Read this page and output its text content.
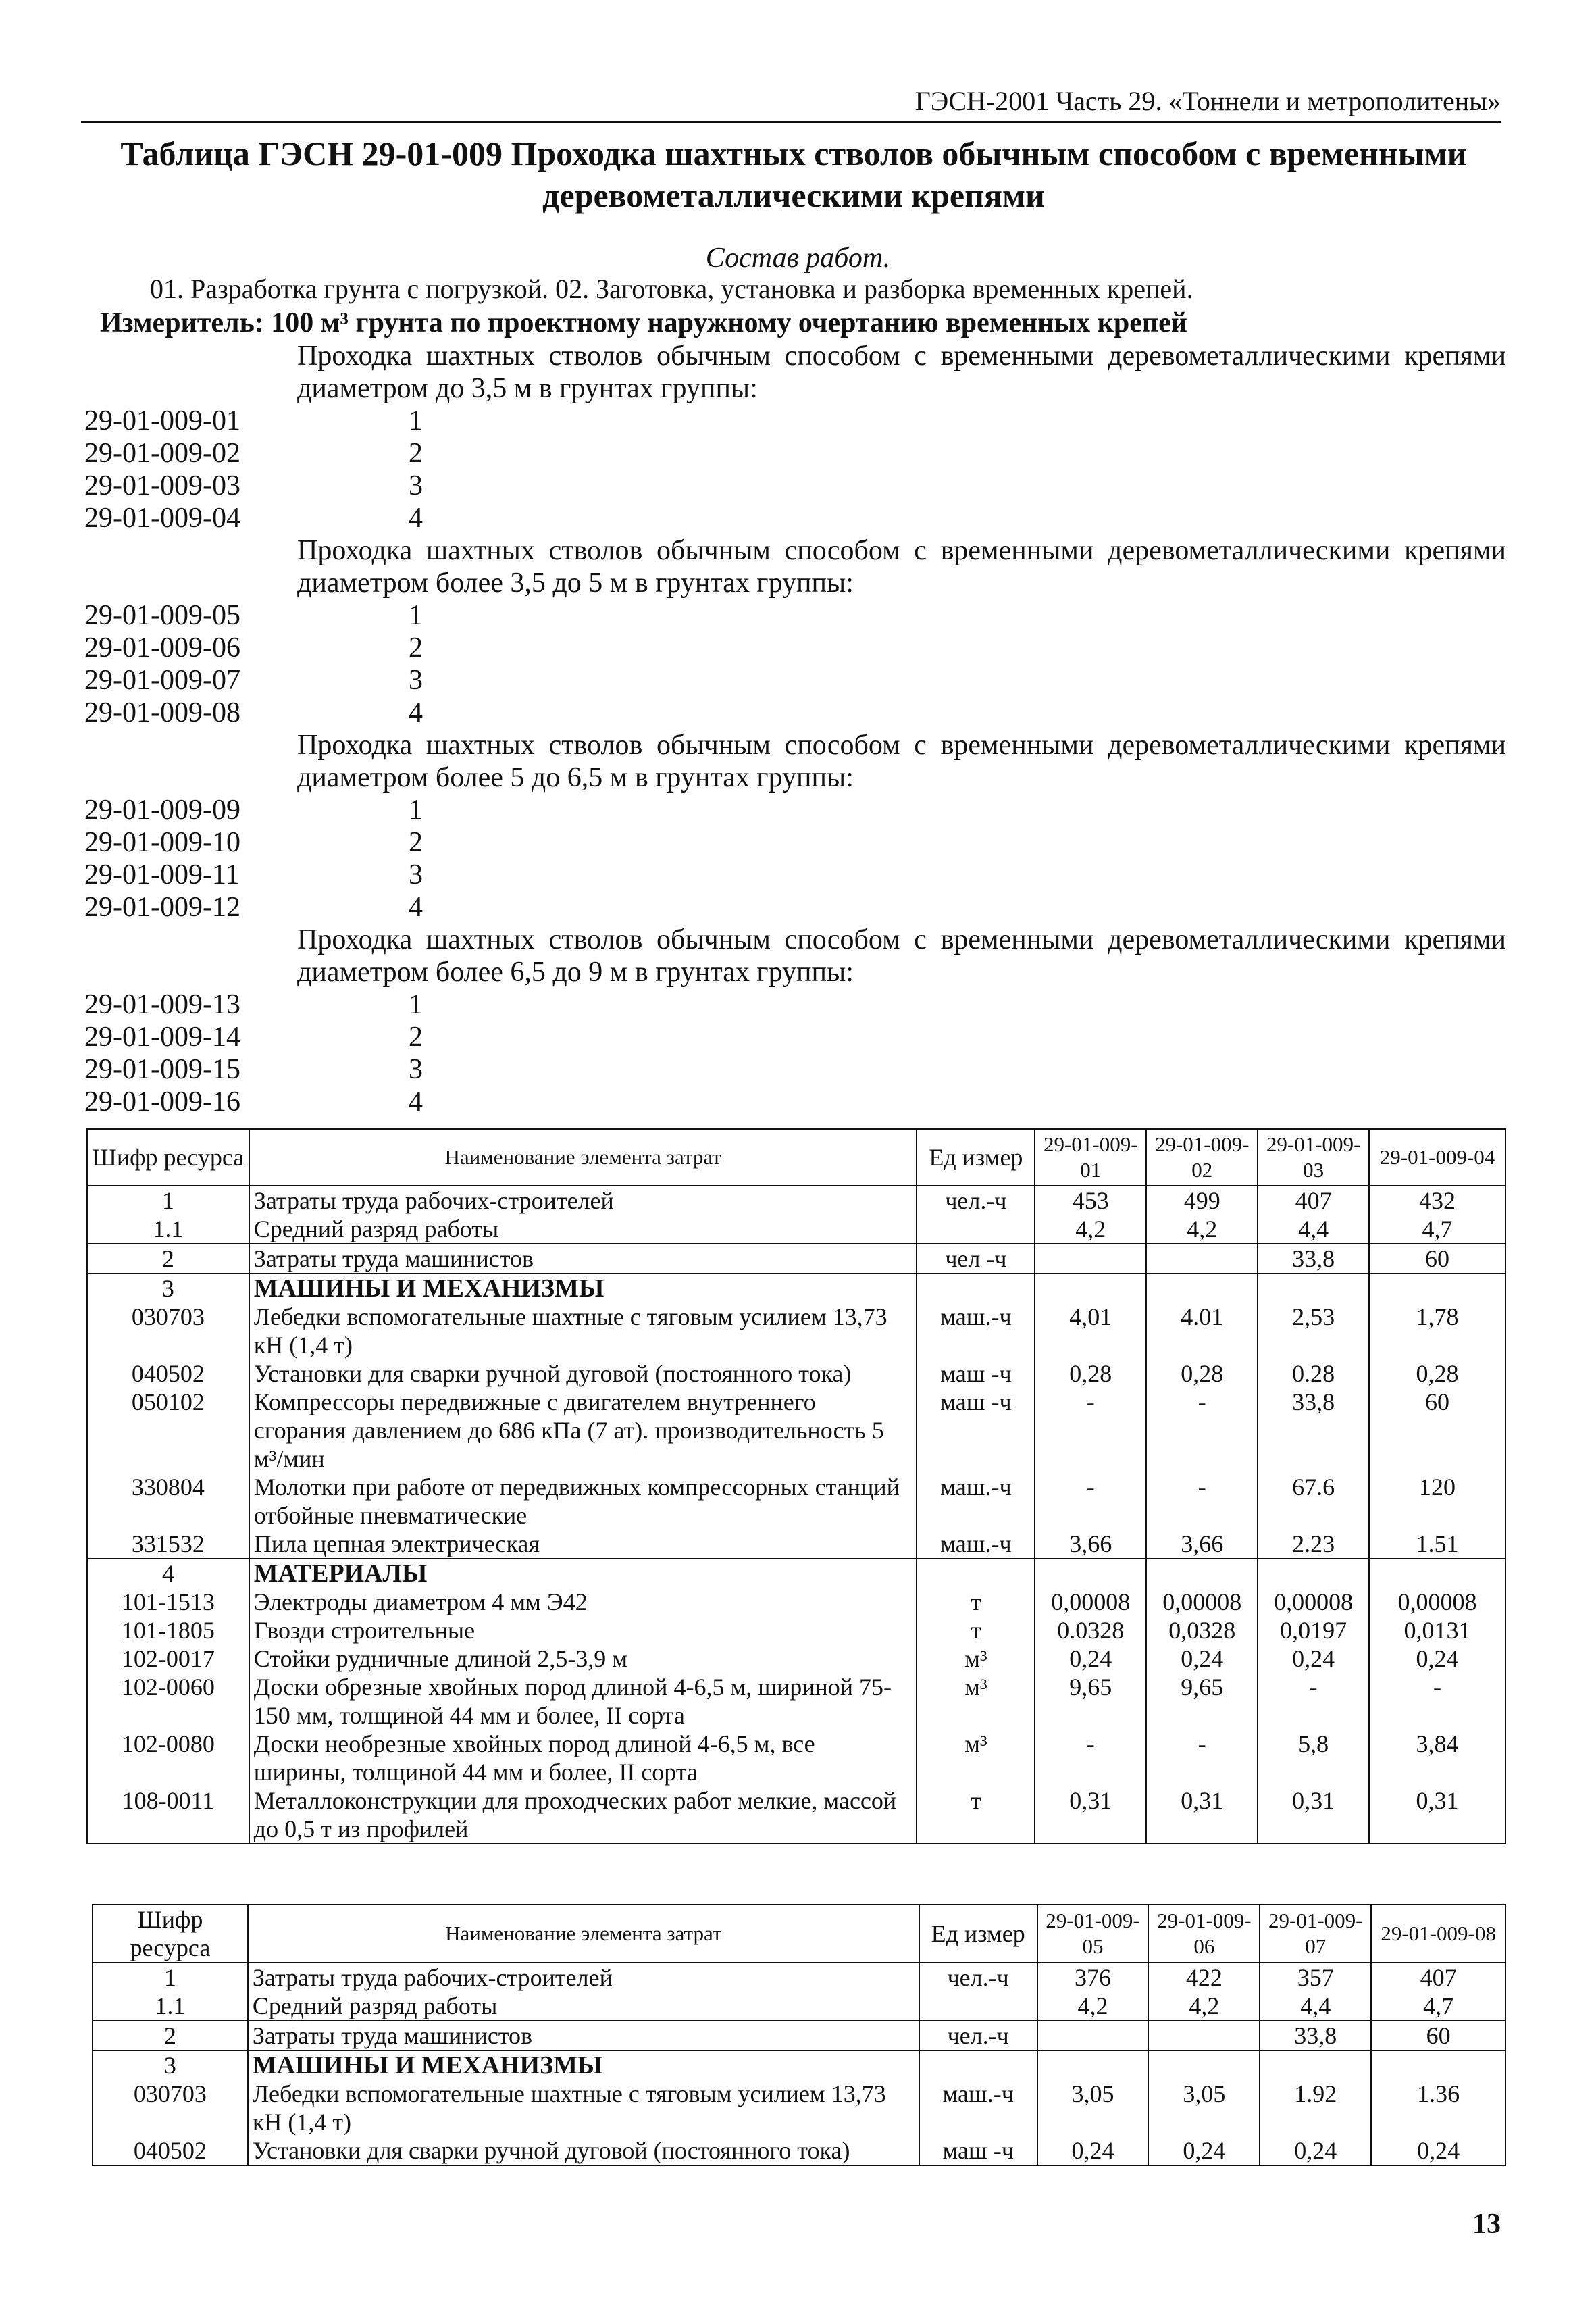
ГЭСН-2001 Часть 29. «Тоннели и метрополитены»
Таблица ГЭСН 29-01-009 Проходка шахтных стволов обычным способом с временными деревометаллическими крепями
Состав работ.
01. Разработка грунта с погрузкой. 02. Заготовка, установка и разборка временных крепей.
Измеритель: 100 м³ грунта по проектному наружному очертанию временных крепей
Проходка шахтных стволов обычным способом с временными деревометаллическими крепями диаметром до 3,5 м в грунтах группы:
29-01-009-01	1
29-01-009-02	2
29-01-009-03	3
29-01-009-04	4
Проходка шахтных стволов обычным способом с временными деревометаллическими крепями диаметром более 3,5 до 5 м в грунтах группы:
29-01-009-05	1
29-01-009-06	2
29-01-009-07	3
29-01-009-08	4
Проходка шахтных стволов обычным способом с временными деревометаллическими крепями диаметром более 5 до 6,5 м в грунтах группы:
29-01-009-09	1
29-01-009-10	2
29-01-009-11	3
29-01-009-12	4
Проходка шахтных стволов обычным способом с временными деревометаллическими крепями диаметром более 6,5 до 9 м в грунтах группы:
29-01-009-13	1
29-01-009-14	2
29-01-009-15	3
29-01-009-16	4
Шифр ресурса	Наименование элемента затрат	Ед измер	29-01-009-01	29-01-009-02	29-01-009-03	29-01-009-04
1	Затраты труда рабочих-строителей	чел.-ч	453	499	407	432
1.1	Средний разряд работы		4,2	4,2	4,4	4,7
2	Затраты труда машинистов	чел -ч			33,8	60
3	МАШИНЫ И МЕХАНИЗМЫ					
030703	Лебедки вспомогательные шахтные с тяговым усилием 13,73 кН (1,4 т)	маш.-ч	4,01	4.01	2,53	1,78
040502	Установки для сварки ручной дуговой (постоянного тока)	маш -ч	0,28	0,28	0.28	0,28
050102	Компрессоры передвижные с двигателем внутреннего сгорания давлением до 686 кПа (7 ат). производительность 5 м³/мин	маш -ч	-	-	33,8	60
330804	Молотки при работе от передвижных компрессорных станций отбойные пневматические	маш.-ч	-	-	67.6	120
331532	Пила цепная электрическая	маш.-ч	3,66	3,66	2.23	1.51
4	МАТЕРИАЛЫ					
101-1513	Электроды диаметром 4 мм Э42	т	0,00008	0,00008	0,00008	0,00008
101-1805	Гвозди строительные	т	0.0328	0,0328	0,0197	0,0131
102-0017	Стойки рудничные длиной 2,5-3,9 м	м³	0,24	0,24	0,24	0,24
102-0060	Доски обрезные хвойных пород длиной 4-6,5 м, шириной 75-150 мм, толщиной 44 мм и более, II сорта	м³	9,65	9,65	-	-
102-0080	Доски необрезные хвойных пород длиной 4-6,5 м, все ширины, толщиной 44 мм и более, II сорта	м³	-	-	5,8	3,84
108-0011	Металлоконструкции для проходческих работ мелкие, массой до 0,5 т из профилей	т	0,31	0,31	0,31	0,31
Шифр ресурса	Наименование элемента затрат	Ед измер	29-01-009-05	29-01-009-06	29-01-009-07	29-01-009-08
1	Затраты труда рабочих-строителей	чел.-ч	376	422	357	407
1.1	Средний разряд работы		4,2	4,2	4,4	4,7
2	Затраты труда машинистов	чел.-ч			33,8	60
3	МАШИНЫ И МЕХАНИЗМЫ					
030703	Лебедки вспомогательные шахтные с тяговым усилием 13,73 кН (1,4 т)	маш.-ч	3,05	3,05	1.92	1.36
040502	Установки для сварки ручной дуговой (постоянного тока)	маш -ч	0,24	0,24	0,24	0,24
13
